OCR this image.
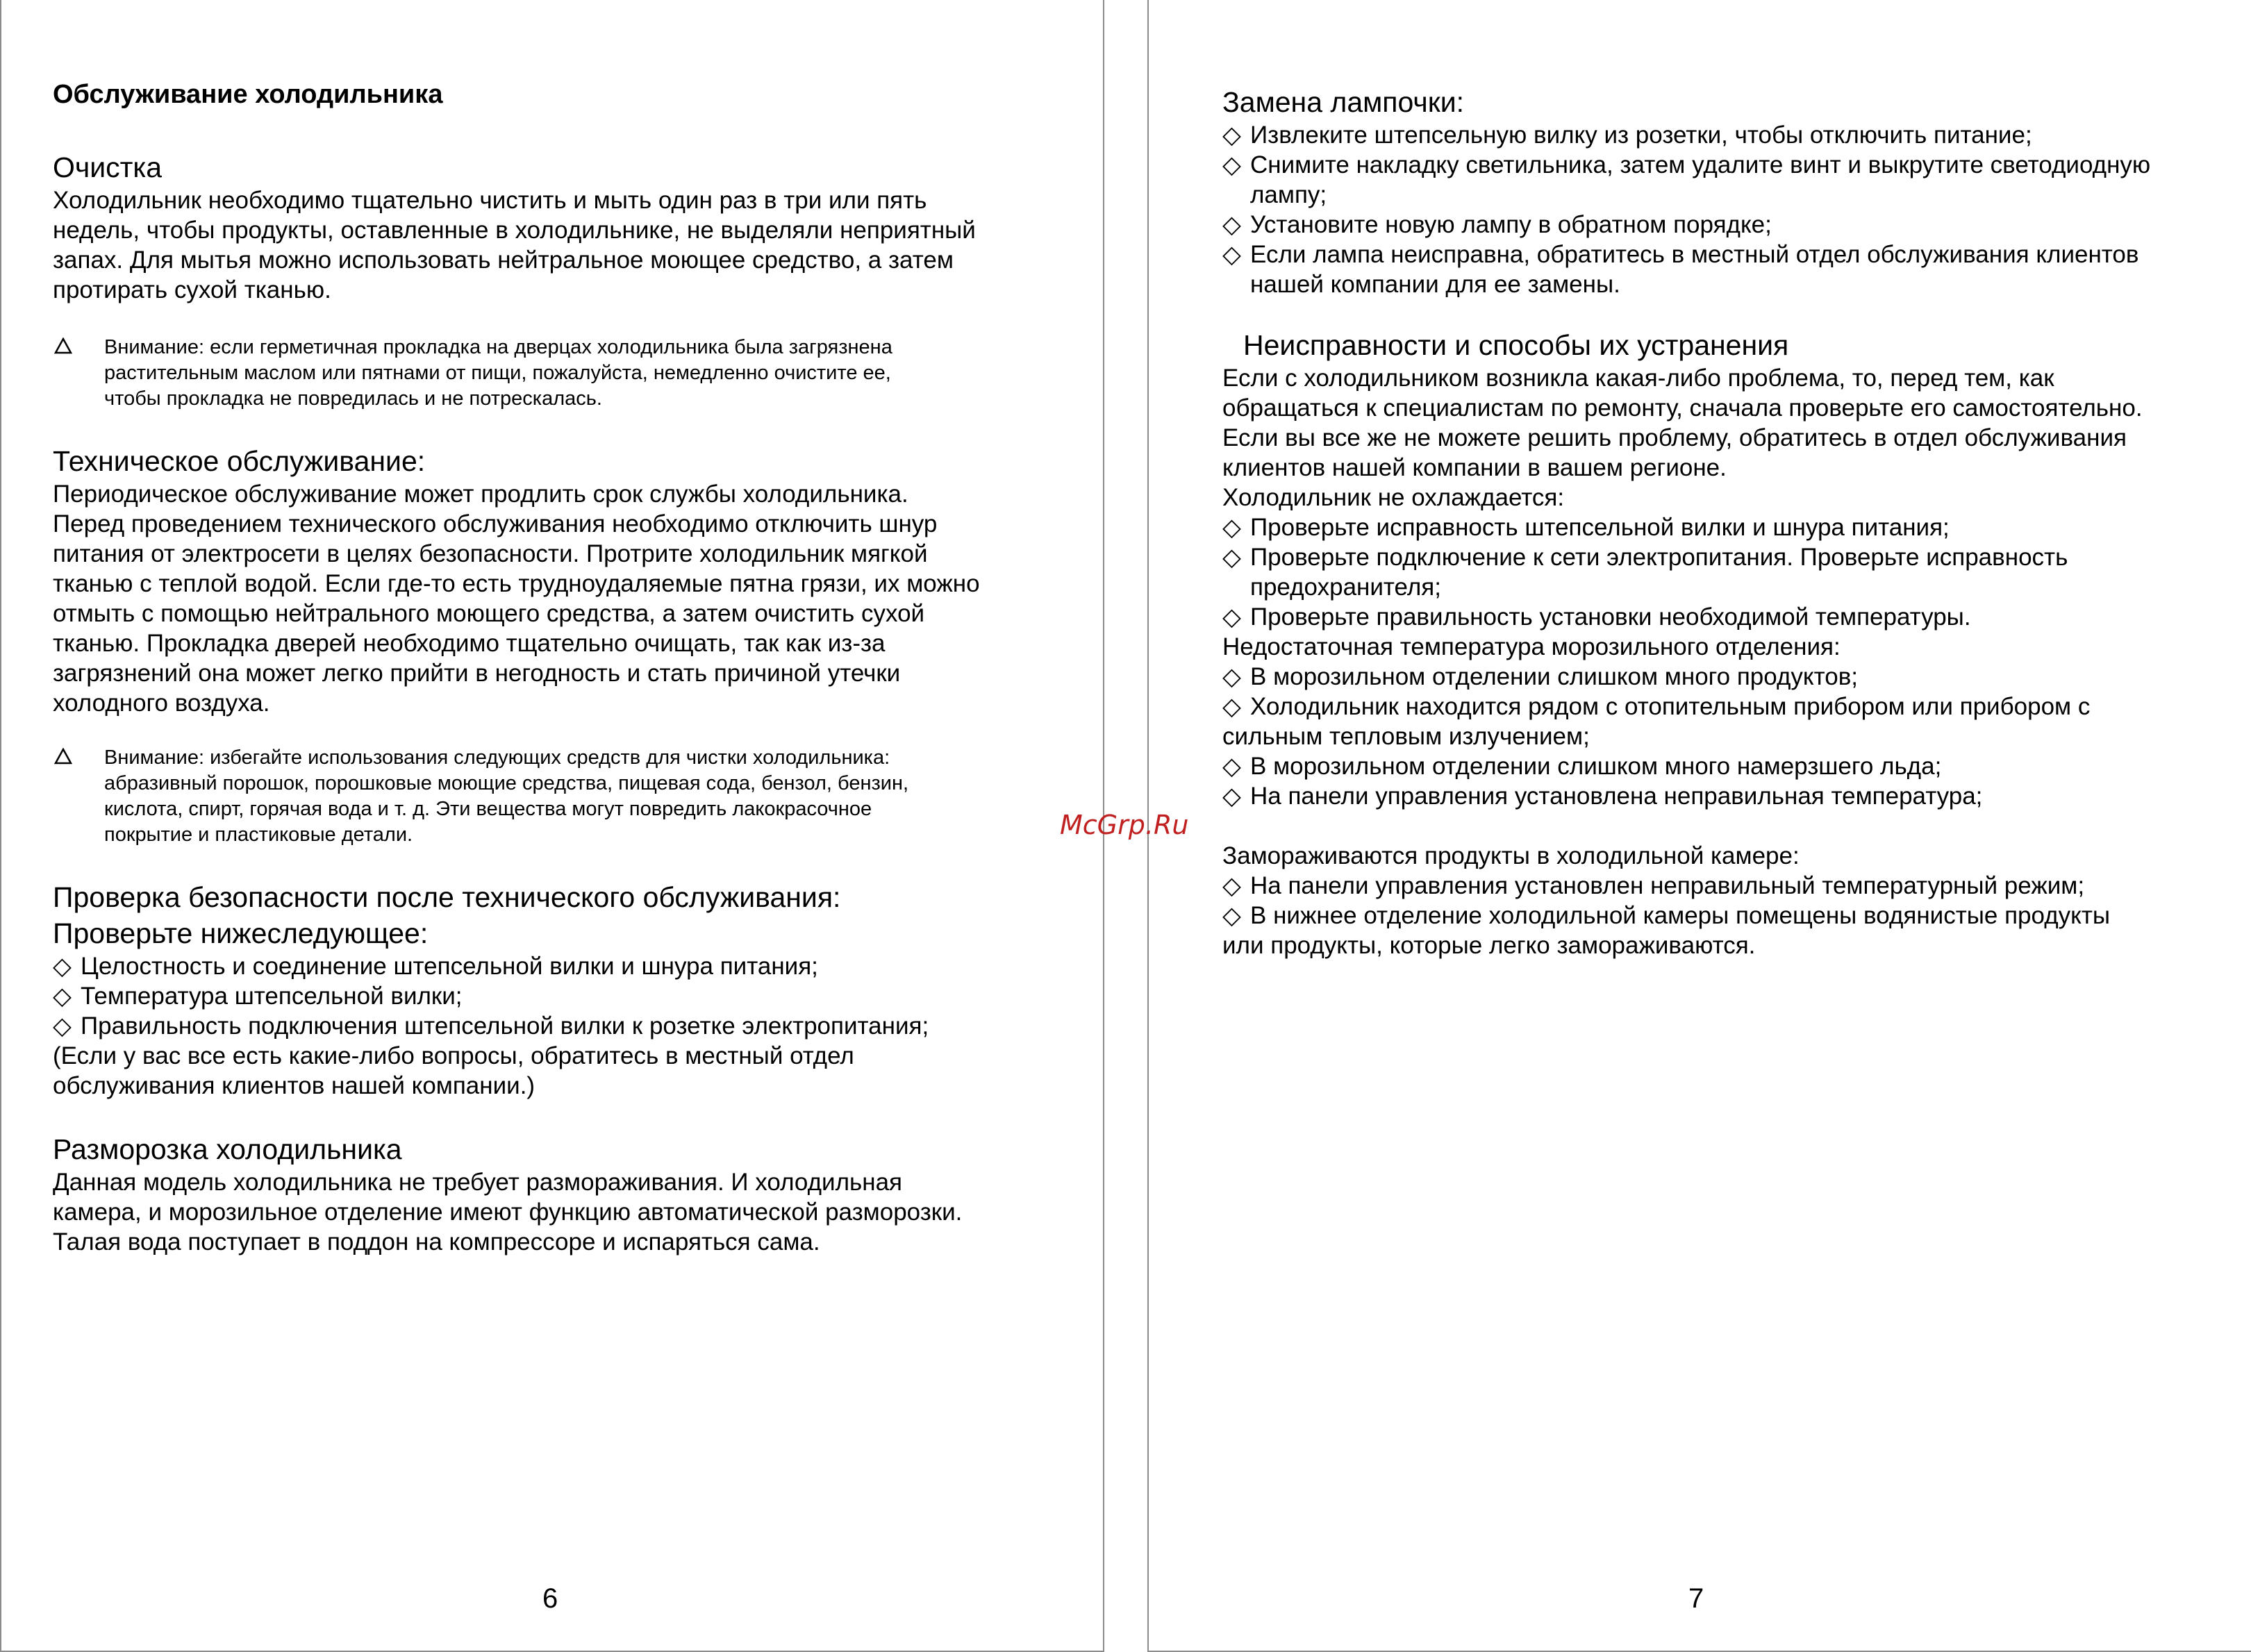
Обслуживание холодильника
Очистка
Холодильник необходимо тщательно чистить и мыть один раз в три или пять
недель, чтобы продукты, оставленные в холодильнике, не выделяли неприятный
запах. Для мытья можно использовать нейтральное моющее средство, а затем
протирать сухой тканью.
Внимание: если герметичная прокладка на дверцах холодильника была загрязнена
растительным маслом или пятнами от пищи, пожалуйста, немедленно очистите ее,
чтобы прокладка не повредилась и не потрескалась.
Техническое обслуживание:
Периодическое обслуживание может продлить срок службы холодильника.
Перед проведением технического обслуживания необходимо отключить шнур
питания от электросети в целях безопасности. Протрите холодильник мягкой
тканью с теплой водой. Если где-то есть трудноудаляемые пятна грязи, их можно
отмыть с помощью нейтрального моющего средства, а затем очистить сухой
тканью. Прокладка дверей необходимо тщательно очищать, так как из-за
загрязнений она может легко прийти в негодность и стать причиной утечки
холодного воздуха.
Внимание: избегайте использования следующих средств для чистки холодильника:
абразивный порошок, порошковые моющие средства, пищевая сода, бензол, бензин,
кислота, спирт, горячая вода и т. д. Эти вещества могут повредить лакокрасочное
покрытие и пластиковые детали.
Проверка безопасности после технического обслуживания:
Проверьте нижеследующее:
◇ Целостность и соединение штепсельной вилки и шнура питания;
◇ Температура штепсельной вилки;
◇ Правильность подключения штепсельной вилки к розетке электропитания;
(Если у вас все есть какие-либо вопросы, обратитесь в местный отдел
обслуживания клиентов нашей компании.)
Разморозка холодильника
Данная модель холодильника не требует размораживания. И холодильная
камера, и морозильное отделение имеют функцию автоматической разморозки.
Талая вода поступает в поддон на компрессоре и испаряться сама.
6
Замена лампочки:
◇ Извлеките штепсельную вилку из розетки, чтобы отключить питание;
◇ Снимите накладку светильника, затем удалите винт и выкрутите светодиодную
лампу;
◇ Установите новую лампу в обратном порядке;
◇ Если лампа неисправна, обратитесь в местный отдел обслуживания клиентов
нашей компании для ее замены.
Неисправности и способы их устранения
Если с холодильником возникла какая-либо проблема, то, перед тем, как
обращаться к специалистам по ремонту, сначала проверьте его самостоятельно.
Если вы все же не можете решить проблему, обратитесь в отдел обслуживания
клиентов нашей компании в вашем регионе.
Холодильник не охлаждается:
◇ Проверьте исправность штепсельной вилки и шнура питания;
◇ Проверьте подключение к сети электропитания. Проверьте исправность
предохранителя;
◇ Проверьте правильность установки необходимой температуры.
Недостаточная температура морозильного отделения:
◇ В морозильном отделении слишком много продуктов;
◇ Холодильник находится рядом с отопительным прибором или прибором с
сильным тепловым излучением;
◇ В морозильном отделении слишком много намерзшего льда;
◇ На панели управления установлена неправильная температура;
Замораживаются продукты в холодильной камере:
◇ На панели управления установлен неправильный температурный режим;
◇ В нижнее отделение холодильной камеры помещены водянистые продукты
или продукты, которые легко замораживаются.
7
McGrp.Ru
